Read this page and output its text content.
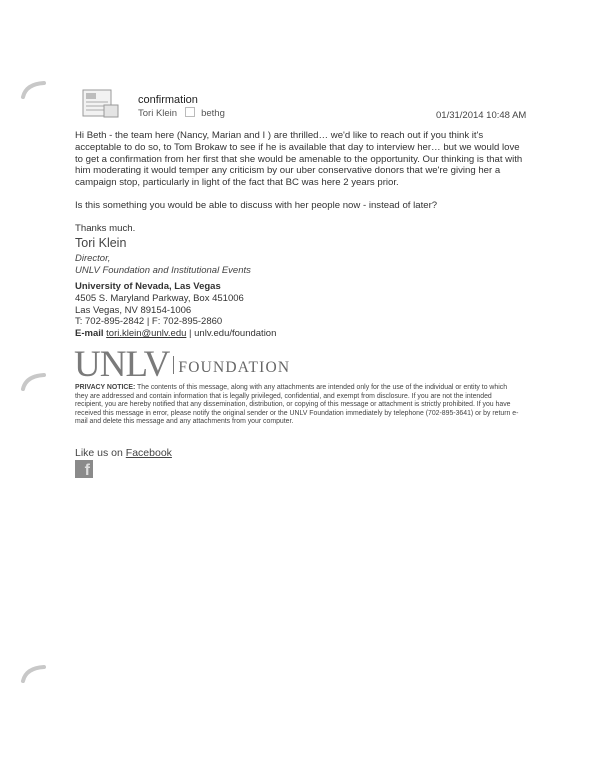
confirmation
Tori Klein	bethg	01/31/2014 10:48 AM

Hi Beth - the team here (Nancy, Marian and I ) are thrilled… we'd like to reach out if you think it's acceptable to do so, to Tom Brokaw to see if he is available that day to interview her… but we would love to get a confirmation from her first that she would be amenable to the opportunity. Our thinking is that with him moderating it would temper any criticism by our uber conservative donors that we're giving her a campaign stop, particularly in light of the fact that BC was here 2 years prior.

Is this something you would be able to discuss with her people now - instead of later?

Thanks much.

Tori Klein
Director,
UNLV Foundation and Institutional Events
University of Nevada, Las Vegas
4505 S. Maryland Parkway, Box 451006
Las Vegas, NV 89154-1006
T: 702-895-2842 | F: 702-895-2860
E-mail tori.klein@unlv.edu | unlv.edu/foundation
UNLV FOUNDATION
PRIVACY NOTICE: The contents of this message, along with any attachments are intended only for the use of the individual or entity to which they are addressed and contain information that is legally privileged, confidential, and exempt from disclosure. If you are not the intended recipient, you are hereby notified that any dissemination, distribution, or copying of this message or attachment is strictly prohibited. If you have received this message in error, please notify the original sender or the UNLV Foundation immediately by telephone (702-895-3641) or by return e-mail and delete this message and any attachments from your computer.
Like us on Facebook
f
